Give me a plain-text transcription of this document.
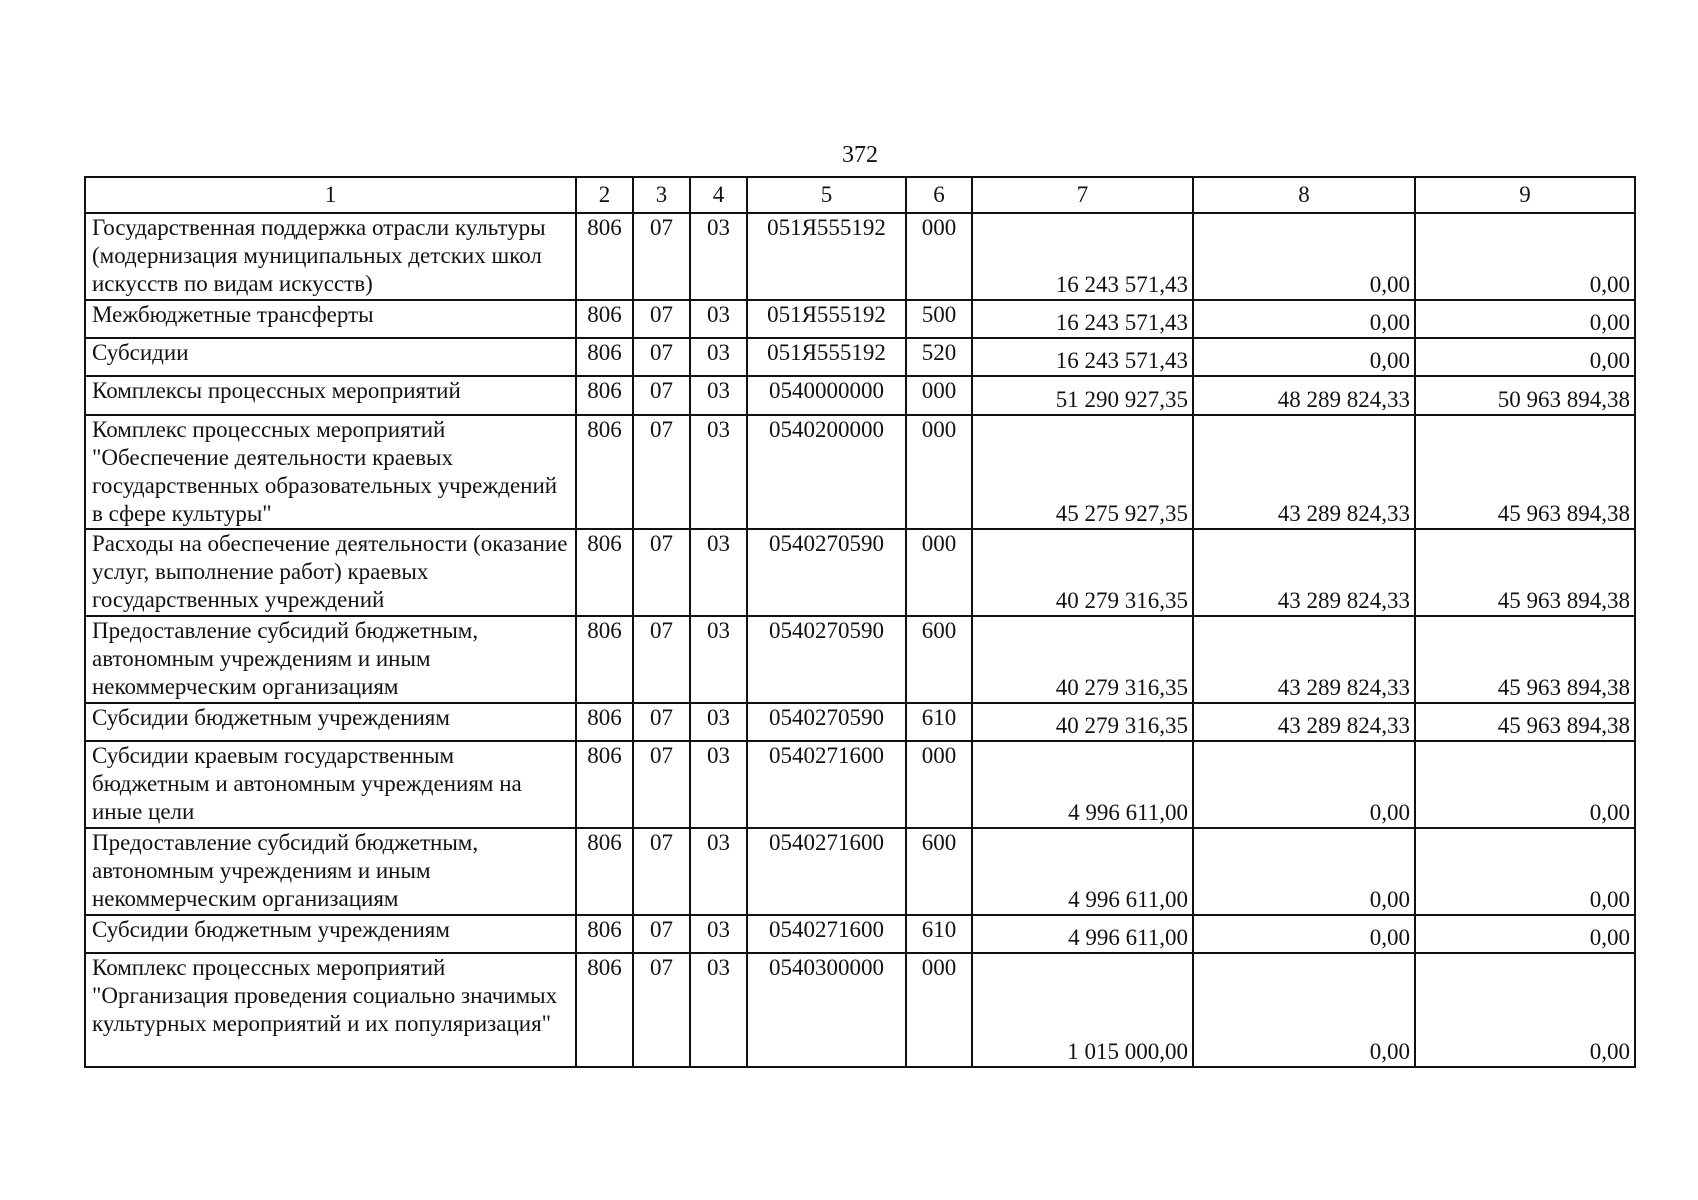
372
1	2	3	4	5	6	7	8	9
Государственная поддержка отрасли культуры (модернизация муниципальных детских школ искусств по видам искусств)	806	07	03	051Я555192	000	16 243 571,43	0,00	0,00
Межбюджетные трансферты	806	07	03	051Я555192	500	16 243 571,43	0,00	0,00
Субсидии	806	07	03	051Я555192	520	16 243 571,43	0,00	0,00
Комплексы процессных мероприятий	806	07	03	0540000000	000	51 290 927,35	48 289 824,33	50 963 894,38
Комплекс процессных мероприятий "Обеспечение деятельности краевых государственных образовательных учреждений в сфере культуры"	806	07	03	0540200000	000	45 275 927,35	43 289 824,33	45 963 894,38
Расходы на обеспечение деятельности (оказание услуг, выполнение работ) краевых государственных учреждений	806	07	03	0540270590	000	40 279 316,35	43 289 824,33	45 963 894,38
Предоставление субсидий бюджетным, автономным учреждениям и иным некоммерческим организациям	806	07	03	0540270590	600	40 279 316,35	43 289 824,33	45 963 894,38
Субсидии бюджетным учреждениям	806	07	03	0540270590	610	40 279 316,35	43 289 824,33	45 963 894,38
Субсидии краевым государственным бюджетным и автономным учреждениям на иные цели	806	07	03	0540271600	000	4 996 611,00	0,00	0,00
Предоставление субсидий бюджетным, автономным учреждениям и иным некоммерческим организациям	806	07	03	0540271600	600	4 996 611,00	0,00	0,00
Субсидии бюджетным учреждениям	806	07	03	0540271600	610	4 996 611,00	0,00	0,00
Комплекс процессных мероприятий "Организация проведения социально значимых культурных мероприятий и их популяризация"	806	07	03	0540300000	000	1 015 000,00	0,00	0,00
